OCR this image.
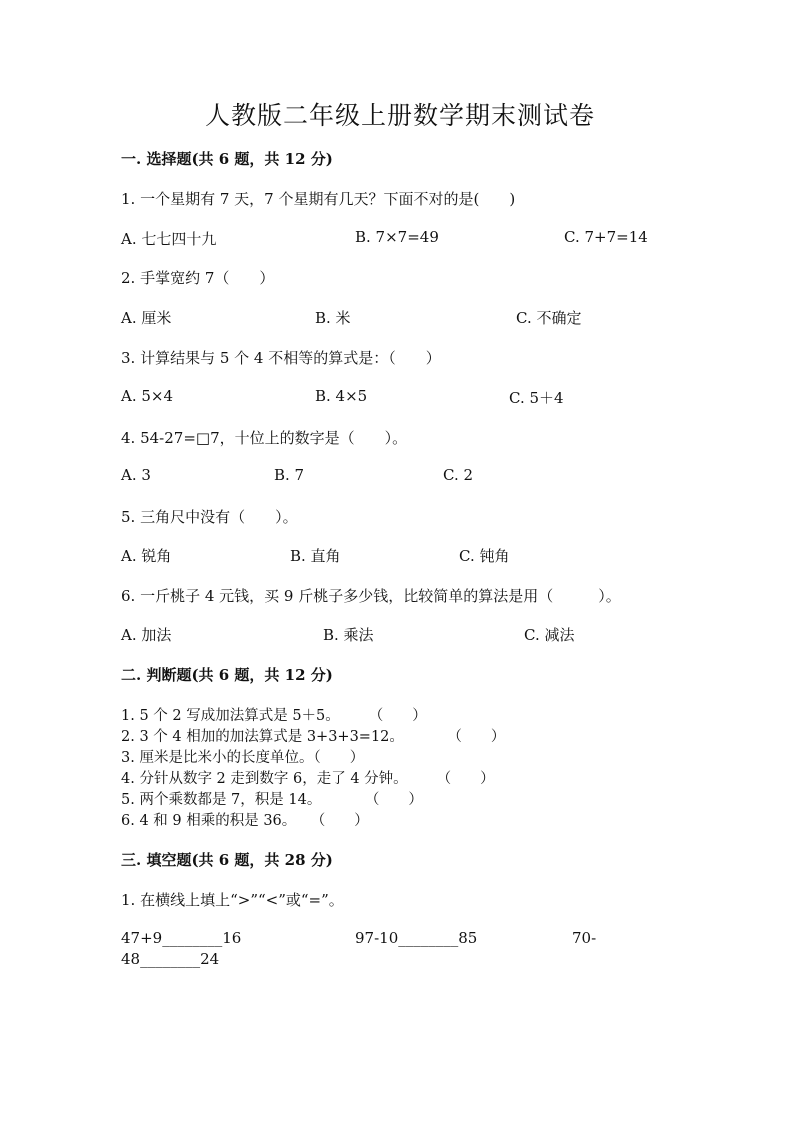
人教版二年级上册数学期末测试卷
一. 选择题(共 6 题，共 12 分)
1. 一个星期有 7 天，7 个星期有几天？下面不对的是(　　)
A. 七七四十九	B. 7×7=49	C. 7+7=14
2. 手掌宽约 7（　　）
A. 厘米	B. 米	C. 不确定
3. 计算结果与 5 个 4 不相等的算式是：（　　）
A. 5×4	B. 4×5	C. 5＋4
4. 54-27=□7，十位上的数字是（　　）。
A. 3	B. 7	C. 2
5. 三角尺中没有（　　）。
A. 锐角	B. 直角	C. 钝角
6. 一斤桃子 4 元钱，买 9 斤桃子多少钱，比较简单的算法是用（　　　）。
A. 加法	B. 乘法	C. 减法
二. 判断题(共 6 题，共 12 分)
1. 5 个 2 写成加法算式是 5＋5。　　　（　　）
2. 3 个 4 相加的加法算式是 3+3+3=12。　　　　（　　）
3. 厘米是比米小的长度单位。（　　）
4. 分针从数字 2 走到数字 6，走了 4 分钟。　　　（　　）
5. 两个乘数都是 7，积是 14。　　　　（　　）
6. 4 和 9 相乘的积是 36。　　（　　）
三. 填空题(共 6 题，共 28 分)
1. 在横线上填上“>”“<”或“=”。
47+9________16	97-10________85	70-
48________24
